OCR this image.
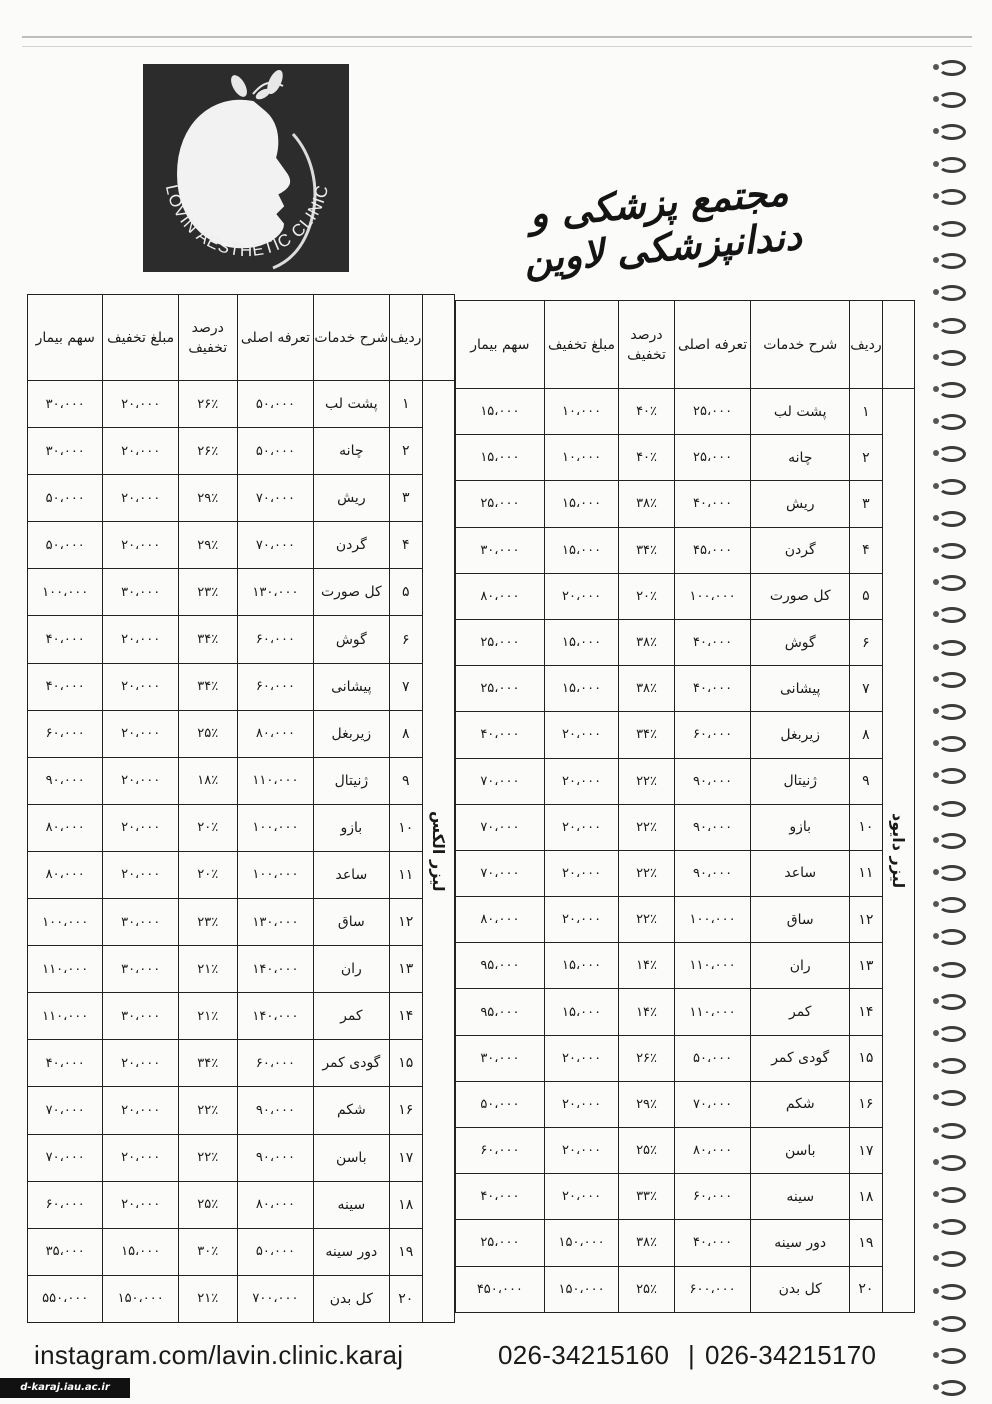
LOVIN AESTHETIC CLINIC	مجتمع پزشکی و دندانپزشکی لاوین
	ردیف	شرح خدمات	تعرفه اصلی	درصد تخفیف	مبلغ تخفیف	سهم بیمار

لیزر دایود	۱	پشت لب	۲۵،۰۰۰	۴۰٪	۱۰،۰۰۰	۱۵،۰۰۰
	۲	چانه	۲۵،۰۰۰	۴۰٪	۱۰،۰۰۰	۱۵،۰۰۰
	۳	ریش	۴۰،۰۰۰	۳۸٪	۱۵،۰۰۰	۲۵،۰۰۰
	۴	گردن	۴۵،۰۰۰	۳۴٪	۱۵،۰۰۰	۳۰،۰۰۰
	۵	کل صورت	۱۰۰،۰۰۰	۲۰٪	۲۰،۰۰۰	۸۰،۰۰۰
	۶	گوش	۴۰،۰۰۰	۳۸٪	۱۵،۰۰۰	۲۵،۰۰۰
	۷	پیشانی	۴۰،۰۰۰	۳۸٪	۱۵،۰۰۰	۲۵،۰۰۰
	۸	زیربغل	۶۰،۰۰۰	۳۴٪	۲۰،۰۰۰	۴۰،۰۰۰
	۹	ژنیتال	۹۰،۰۰۰	۲۲٪	۲۰،۰۰۰	۷۰،۰۰۰
	۱۰	بازو	۹۰،۰۰۰	۲۲٪	۲۰،۰۰۰	۷۰،۰۰۰
	۱۱	ساعد	۹۰،۰۰۰	۲۲٪	۲۰،۰۰۰	۷۰،۰۰۰
	۱۲	ساق	۱۰۰،۰۰۰	۲۲٪	۲۰،۰۰۰	۸۰،۰۰۰
	۱۳	ران	۱۱۰،۰۰۰	۱۴٪	۱۵،۰۰۰	۹۵،۰۰۰
	۱۴	کمر	۱۱۰،۰۰۰	۱۴٪	۱۵،۰۰۰	۹۵،۰۰۰
	۱۵	گودی کمر	۵۰،۰۰۰	۲۶٪	۲۰،۰۰۰	۳۰،۰۰۰
	۱۶	شکم	۷۰،۰۰۰	۲۹٪	۲۰،۰۰۰	۵۰،۰۰۰
	۱۷	باسن	۸۰،۰۰۰	۲۵٪	۲۰،۰۰۰	۶۰،۰۰۰
	۱۸	سینه	۶۰،۰۰۰	۳۳٪	۲۰،۰۰۰	۴۰،۰۰۰
	۱۹	دور سینه	۴۰،۰۰۰	۳۸٪	۱۵۰،۰۰۰	۲۵،۰۰۰
	۲۰	کل بدن	۶۰۰،۰۰۰	۲۵٪	۱۵۰،۰۰۰	۴۵۰،۰۰۰
	ردیف	شرح خدمات	تعرفه اصلی	درصد تخفیف	مبلغ تخفیف	سهم بیمار

لیزر الکس	۱	پشت لب	۵۰،۰۰۰	۲۶٪	۲۰،۰۰۰	۳۰،۰۰۰
	۲	چانه	۵۰،۰۰۰	۲۶٪	۲۰،۰۰۰	۳۰،۰۰۰
	۳	ریش	۷۰،۰۰۰	۲۹٪	۲۰،۰۰۰	۵۰،۰۰۰
	۴	گردن	۷۰،۰۰۰	۲۹٪	۲۰،۰۰۰	۵۰،۰۰۰
	۵	کل صورت	۱۳۰،۰۰۰	۲۳٪	۳۰،۰۰۰	۱۰۰،۰۰۰
	۶	گوش	۶۰،۰۰۰	۳۴٪	۲۰،۰۰۰	۴۰،۰۰۰
	۷	پیشانی	۶۰،۰۰۰	۳۴٪	۲۰،۰۰۰	۴۰،۰۰۰
	۸	زیربغل	۸۰،۰۰۰	۲۵٪	۲۰،۰۰۰	۶۰،۰۰۰
	۹	ژنیتال	۱۱۰،۰۰۰	۱۸٪	۲۰،۰۰۰	۹۰،۰۰۰
	۱۰	بازو	۱۰۰،۰۰۰	۲۰٪	۲۰،۰۰۰	۸۰،۰۰۰
	۱۱	ساعد	۱۰۰،۰۰۰	۲۰٪	۲۰،۰۰۰	۸۰،۰۰۰
	۱۲	ساق	۱۳۰،۰۰۰	۲۳٪	۳۰،۰۰۰	۱۰۰،۰۰۰
	۱۳	ران	۱۴۰،۰۰۰	۲۱٪	۳۰،۰۰۰	۱۱۰،۰۰۰
	۱۴	کمر	۱۴۰،۰۰۰	۲۱٪	۳۰،۰۰۰	۱۱۰،۰۰۰
	۱۵	گودی کمر	۶۰،۰۰۰	۳۴٪	۲۰،۰۰۰	۴۰،۰۰۰
	۱۶	شکم	۹۰،۰۰۰	۲۲٪	۲۰،۰۰۰	۷۰،۰۰۰
	۱۷	باسن	۹۰،۰۰۰	۲۲٪	۲۰،۰۰۰	۷۰،۰۰۰
	۱۸	سینه	۸۰،۰۰۰	۲۵٪	۲۰،۰۰۰	۶۰،۰۰۰
	۱۹	دور سینه	۵۰،۰۰۰	۳۰٪	۱۵،۰۰۰	۳۵،۰۰۰
	۲۰	کل بدن	۷۰۰،۰۰۰	۲۱٪	۱۵۰،۰۰۰	۵۵۰،۰۰۰
instagram.com/lavin.clinic.karaj	026-34215160 | 026-34215170
d-karaj.iau.ac.ir
